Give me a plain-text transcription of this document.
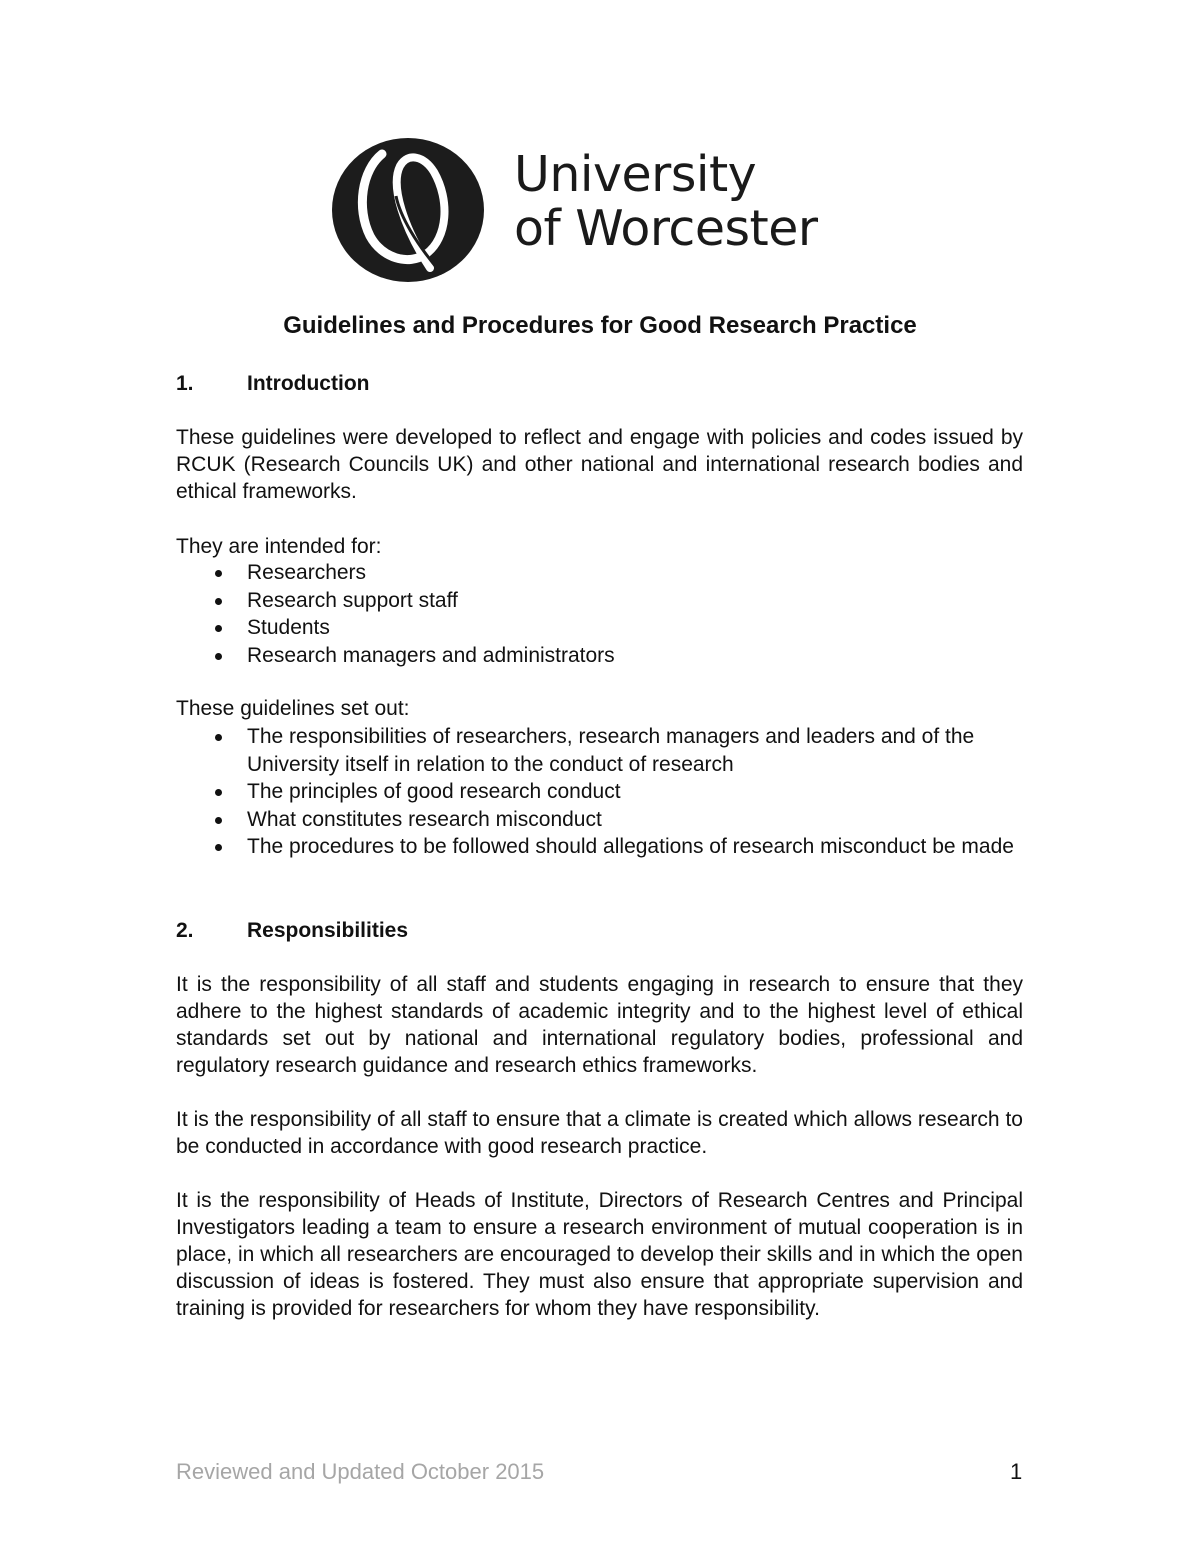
University
of Worcester
Guidelines and Procedures for Good Research Practice
1.	Introduction

These guidelines were developed to reflect and engage with policies and codes issued by RCUK (Research Councils UK) and other national and international research bodies and ethical frameworks.

They are intended for:

Researchers
Research support staff
Students
Research managers and administrators

These guidelines set out:

The responsibilities of researchers, research managers and leaders and of the University itself in relation to the conduct of research
The principles of good research conduct
What constitutes research misconduct
The procedures to be followed should allegations of research misconduct be made
2.	Responsibilities

It is the responsibility of all staff and students engaging in research to ensure that they adhere to the highest standards of academic integrity and to the highest level of ethical standards set out by national and international regulatory bodies, professional and regulatory research guidance and research ethics frameworks.

It is the responsibility of all staff to ensure that a climate is created which allows research to be conducted in accordance with good research practice.

It is the responsibility of Heads of Institute, Directors of Research Centres and Principal Investigators leading a team to ensure a research environment of mutual cooperation is in place, in which all researchers are encouraged to develop their skills and in which the open discussion of ideas is fostered. They must also ensure that appropriate supervision and training is provided for researchers for whom they have responsibility.

Reviewed and Updated October 2015	1
